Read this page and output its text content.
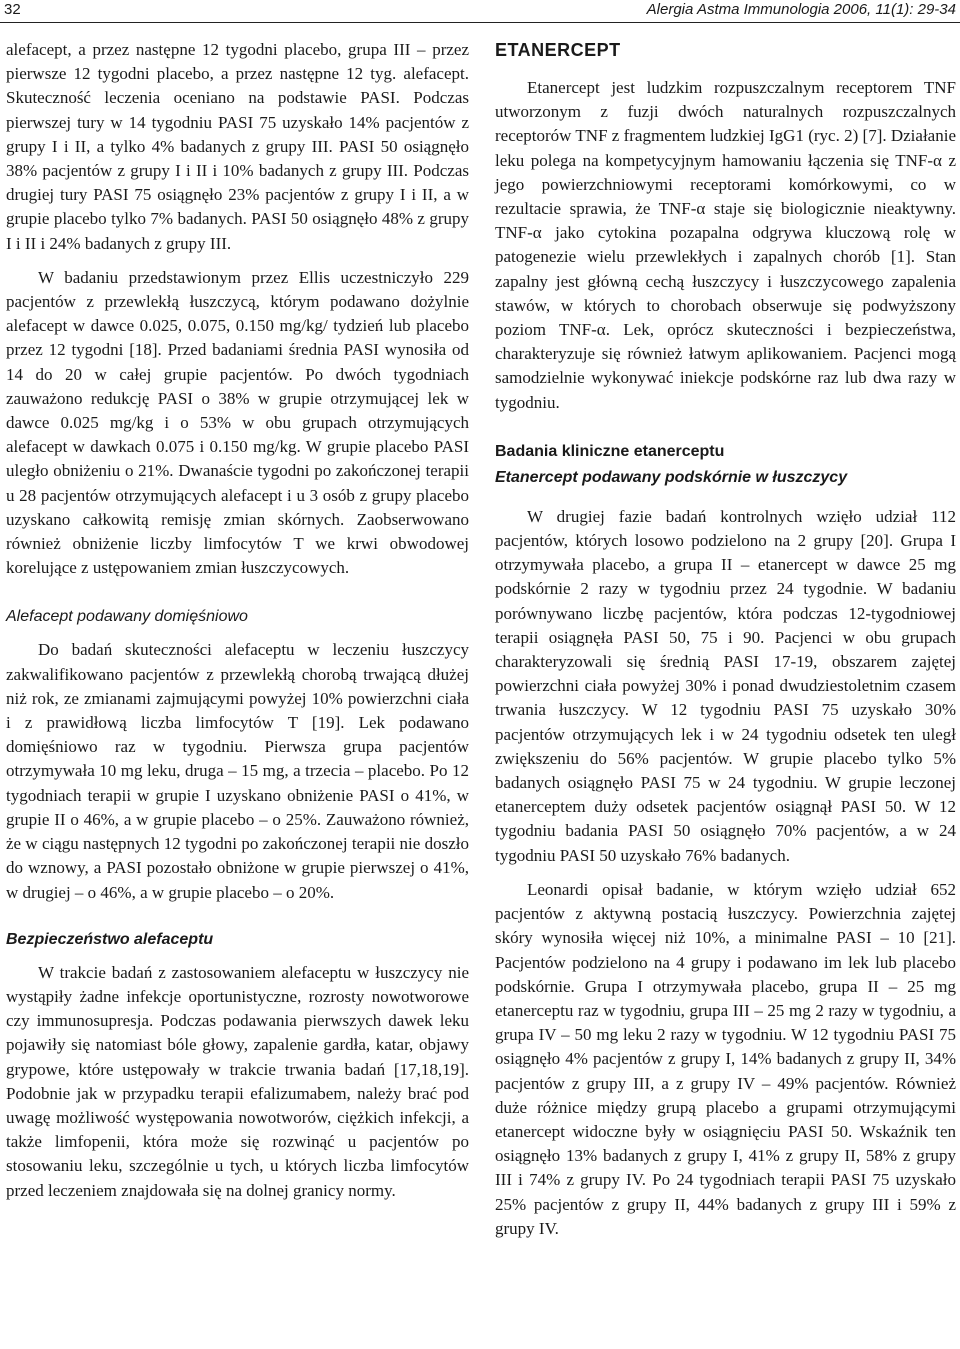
32	Alergia Astma Immunologia 2006, 11(1): 29-34

alefacept, a przez następne 12 tygodni placebo, grupa III – przez pierwsze 12 tygodni placebo, a przez następne 12 tyg. alefacept. Skuteczność leczenia oceniano na podstawie PASI. Podczas pierwszej tury w 14 tygodniu PASI 75 uzyskało 14% pacjentów z grupy I i II, a tylko 4% badanych z grupy III. PASI 50 osiągnęło 38% pacjentów z grupy I i II i 10% badanych z grupy III. Podczas drugiej tury PASI 75 osiągnęło 23% pacjentów z grupy I i II, a w grupie placebo tylko 7% badanych. PASI 50 osiągnęło 48% z grupy I i II i 24% badanych z grupy III.

W badaniu przedstawionym przez Ellis uczestniczyło 229 pacjentów z przewlekłą łuszczycą, którym podawano dożylnie alefacept w dawce 0.025, 0.075, 0.150 mg/kg/ tydzień lub placebo przez 12 tygodni [18]. Przed badaniami średnia PASI wynosiła od 14 do 20 w całej grupie pacjentów. Po dwóch tygodniach zauważono redukcję PASI o 38% w grupie otrzymującej lek w dawce 0.025 mg/kg i o 53% w obu grupach otrzymujących alefacept w dawkach 0.075 i 0.150 mg/kg. W grupie placebo PASI uległo obniżeniu o 21%. Dwanaście tygodni po zakończonej terapii u 28 pacjentów otrzymujących alefacept i u 3 osób z grupy placebo uzyskano całkowitą remisję zmian skórnych. Zaobserwowano również obniżenie liczby limfocytów T we krwi obwodowej korelujące z ustępowaniem zmian łuszczycowych.

Alefacept podawany domięśniowo

Do badań skuteczności alefaceptu w leczeniu łuszczycy zakwalifikowano pacjentów z przewlekłą chorobą trwającą dłużej niż rok, ze zmianami zajmującymi powyżej 10% powierzchni ciała i z prawidłową liczba limfocytów T [19]. Lek podawano domięśniowo raz w tygodniu. Pierwsza grupa pacjentów otrzymywała 10 mg leku, druga – 15 mg, a trzecia – placebo. Po 12 tygodniach terapii w grupie I uzyskano obniżenie PASI o 41%, w grupie II o 46%, a w grupie placebo – o 25%. Zauważono również, że w ciągu następnych 12 tygodni po zakończonej terapii nie doszło do wznowy, a PASI pozostało obniżone w grupie pierwszej o 41%, w drugiej – o 46%, a w grupie placebo – o 20%.

Bezpieczeństwo alefaceptu

W trakcie badań z zastosowaniem alefaceptu w łuszczycy nie wystąpiły żadne infekcje oportunistyczne, rozrosty nowotworowe czy immunosupresja. Podczas podawania pierwszych dawek leku pojawiły się natomiast bóle głowy, zapalenie gardła, katar, objawy grypowe, które ustępowały w trakcie trwania badań [17,18,19]. Podobnie jak w przypadku terapii efalizumabem, należy brać pod uwagę możliwość występowania nowotworów, ciężkich infekcji, a także limfopenii, która może się rozwinąć u pacjentów po stosowaniu leku, szczególnie u tych, u których liczba limfocytów przed leczeniem znajdowała się na dolnej granicy normy.

ETANERCEPT

Etanercept jest ludzkim rozpuszczalnym receptorem TNF utworzonym z fuzji dwóch naturalnych rozpuszczalnych receptorów TNF z fragmentem ludzkiej IgG1 (ryc. 2) [7]. Działanie leku polega na kompetycyjnym hamowaniu łączenia się TNF-α z jego powierzchniowymi receptorami komórkowymi, co w rezultacie sprawia, że TNF-α staje się biologicznie nieaktywny. TNF-α jako cytokina pozapalna odgrywa kluczową rolę w patogenezie wielu przewlekłych i zapalnych chorób [1]. Stan zapalny jest główną cechą łuszczycy i łuszczycowego zapalenia stawów, w których to chorobach obserwuje się podwyższony poziom TNF-α. Lek, oprócz skuteczności i bezpieczeństwa, charakteryzuje się również łatwym aplikowaniem. Pacjenci mogą samodzielnie wykonywać iniekcje podskórne raz lub dwa razy w tygodniu.

Badania kliniczne etanerceptu
Etanercept podawany podskórnie w łuszczycy

W drugiej fazie badań kontrolnych wzięło udział 112 pacjentów, których losowo podzielono na 2 grupy [20]. Grupa I otrzymywała placebo, a grupa II – etanercept w dawce 25 mg podskórnie 2 razy w tygodniu przez 24 tygodnie. W badaniu porównywano liczbę pacjentów, która podczas 12-tygodniowej terapii osiągnęła PASI 50, 75 i 90. Pacjenci w obu grupach charakteryzowali się średnią PASI 17-19, obszarem zajętej powierzchni ciała powyżej 30% i ponad dwudziestoletnim czasem trwania łuszczycy. W 12 tygodniu PASI 75 uzyskało 30% pacjentów otrzymujących lek i w 24 tygodniu odsetek ten uległ zwiększeniu do 56% pacjentów. W grupie placebo tylko 5% badanych osiągnęło PASI 75 w 24 tygodniu. W grupie leczonej etanerceptem duży odsetek pacjentów osiągnął PASI 50. W 12 tygodniu badania PASI 50 osiągnęło 70% pacjentów, a w 24 tygodniu PASI 50 uzyskało 76% badanych.

Leonardi opisał badanie, w którym wzięło udział 652 pacjentów z aktywną postacią łuszczycy. Powierzchnia zajętej skóry wynosiła więcej niż 10%, a minimalne PASI – 10 [21]. Pacjentów podzielono na 4 grupy i podawano im lek lub placebo podskórnie. Grupa I otrzymywała placebo, grupa II – 25 mg etanerceptu raz w tygodniu, grupa III – 25 mg 2 razy w tygodniu, a grupa IV – 50 mg leku 2 razy w tygodniu. W 12 tygodniu PASI 75 osiągnęło 4% pacjentów z grupy I, 14% badanych z grupy II, 34% pacjentów z grupy III, a z grupy IV – 49% pacjentów. Również duże różnice między grupą placebo a grupami otrzymującymi etanercept widoczne były w osiągnięciu PASI 50. Wskaźnik ten osiągnęło 13% badanych z grupy I, 41% z grupy II, 58% z grupy III i 74% z grupy IV. Po 24 tygodniach terapii PASI 75 uzyskało 25% pacjentów z grupy II, 44% badanych z grupy III i 59% z grupy IV.
